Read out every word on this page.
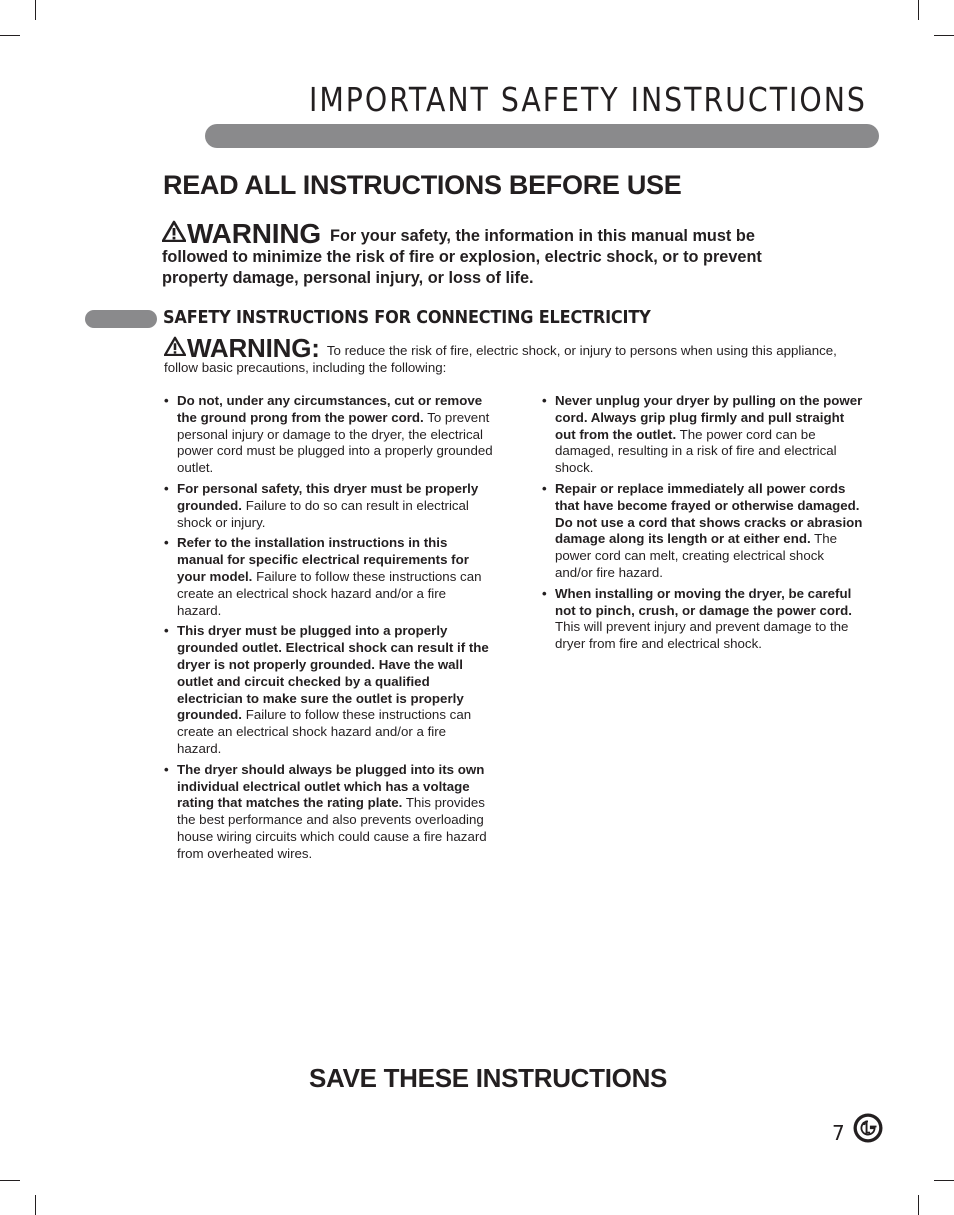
IMPORTANT SAFETY INSTRUCTIONS
READ ALL INSTRUCTIONS BEFORE USE
WARNING For your safety, the information in this manual must be followed to minimize the risk of fire or explosion, electric shock, or to prevent property damage, personal injury, or loss of life.
SAFETY INSTRUCTIONS FOR CONNECTING ELECTRICITY
WARNING: To reduce the risk of fire, electric shock, or injury to persons when using this appliance, follow basic precautions, including the following:
• Do not, under any circumstances, cut or remove the ground prong from the power cord. To prevent personal injury or damage to the dryer, the electrical power cord must be plugged into a properly grounded outlet.
• For personal safety, this dryer must be properly grounded. Failure to do so can result in electrical shock or injury.
• Refer to the installation instructions in this manual for specific electrical requirements for your model. Failure to follow these instructions can create an electrical shock hazard and/or a fire hazard.
• This dryer must be plugged into a properly grounded outlet. Electrical shock can result if the dryer is not properly grounded. Have the wall outlet and circuit checked by a qualified electrician to make sure the outlet is properly grounded. Failure to follow these instructions can create an electrical shock hazard and/or a fire hazard.
• The dryer should always be plugged into its own individual electrical outlet which has a voltage rating that matches the rating plate. This provides the best performance and also prevents overloading house wiring circuits which could cause a fire hazard from overheated wires.
• Never unplug your dryer by pulling on the power cord. Always grip plug firmly and pull straight out from the outlet. The power cord can be damaged, resulting in a risk of fire and electrical shock.
• Repair or replace immediately all power cords that have become frayed or otherwise damaged. Do not use a cord that shows cracks or abrasion damage along its length or at either end. The power cord can melt, creating electrical shock and/or fire hazard.
• When installing or moving the dryer, be careful not to pinch, crush, or damage the power cord. This will prevent injury and prevent damage to the dryer from fire and electrical shock.
SAVE THESE INSTRUCTIONS
7
